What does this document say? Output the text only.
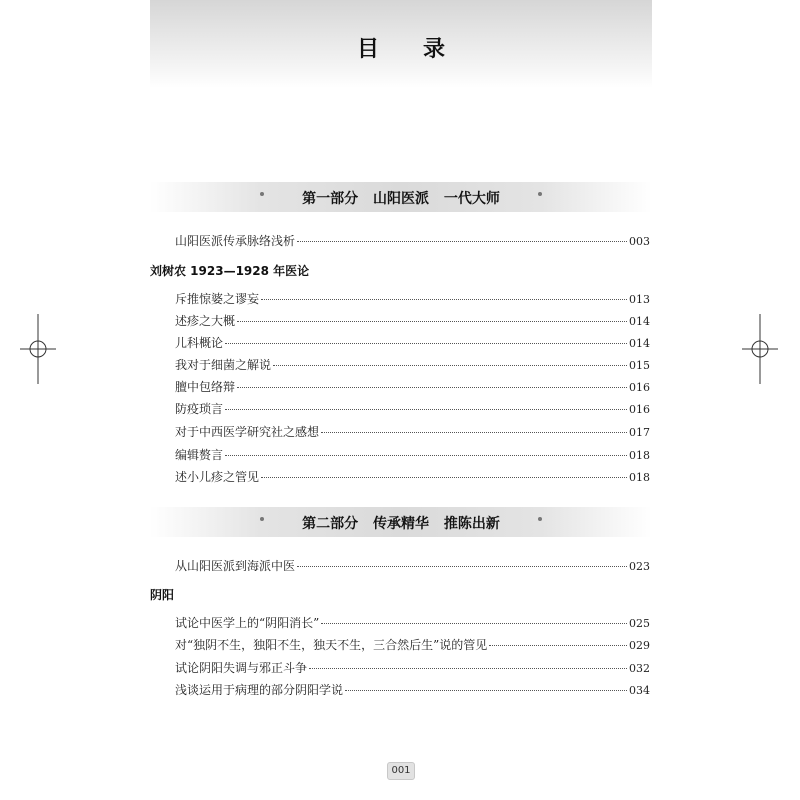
目录
第一部分 山阳医派 一代大师
山阳医派传承脉络浅析	003
刘树农 1923—1928 年医论
斥推惊婆之谬妄	013
述疹之大概	014
儿科概论	014
我对于细菌之解说	015
膻中包络辩	016
防疫琐言	016
对于中西医学研究社之感想	017
编辑赘言	018
述小儿疹之管见	018
第二部分 传承精华 推陈出新
从山阳医派到海派中医	023
阴阳
试论中医学上的“阴阳消长”	025
对“独阴不生，独阳不生，独天不生，三合然后生”说的管见	029
试论阴阳失调与邪正斗争	032
浅谈运用于病理的部分阴阳学说	034
001
